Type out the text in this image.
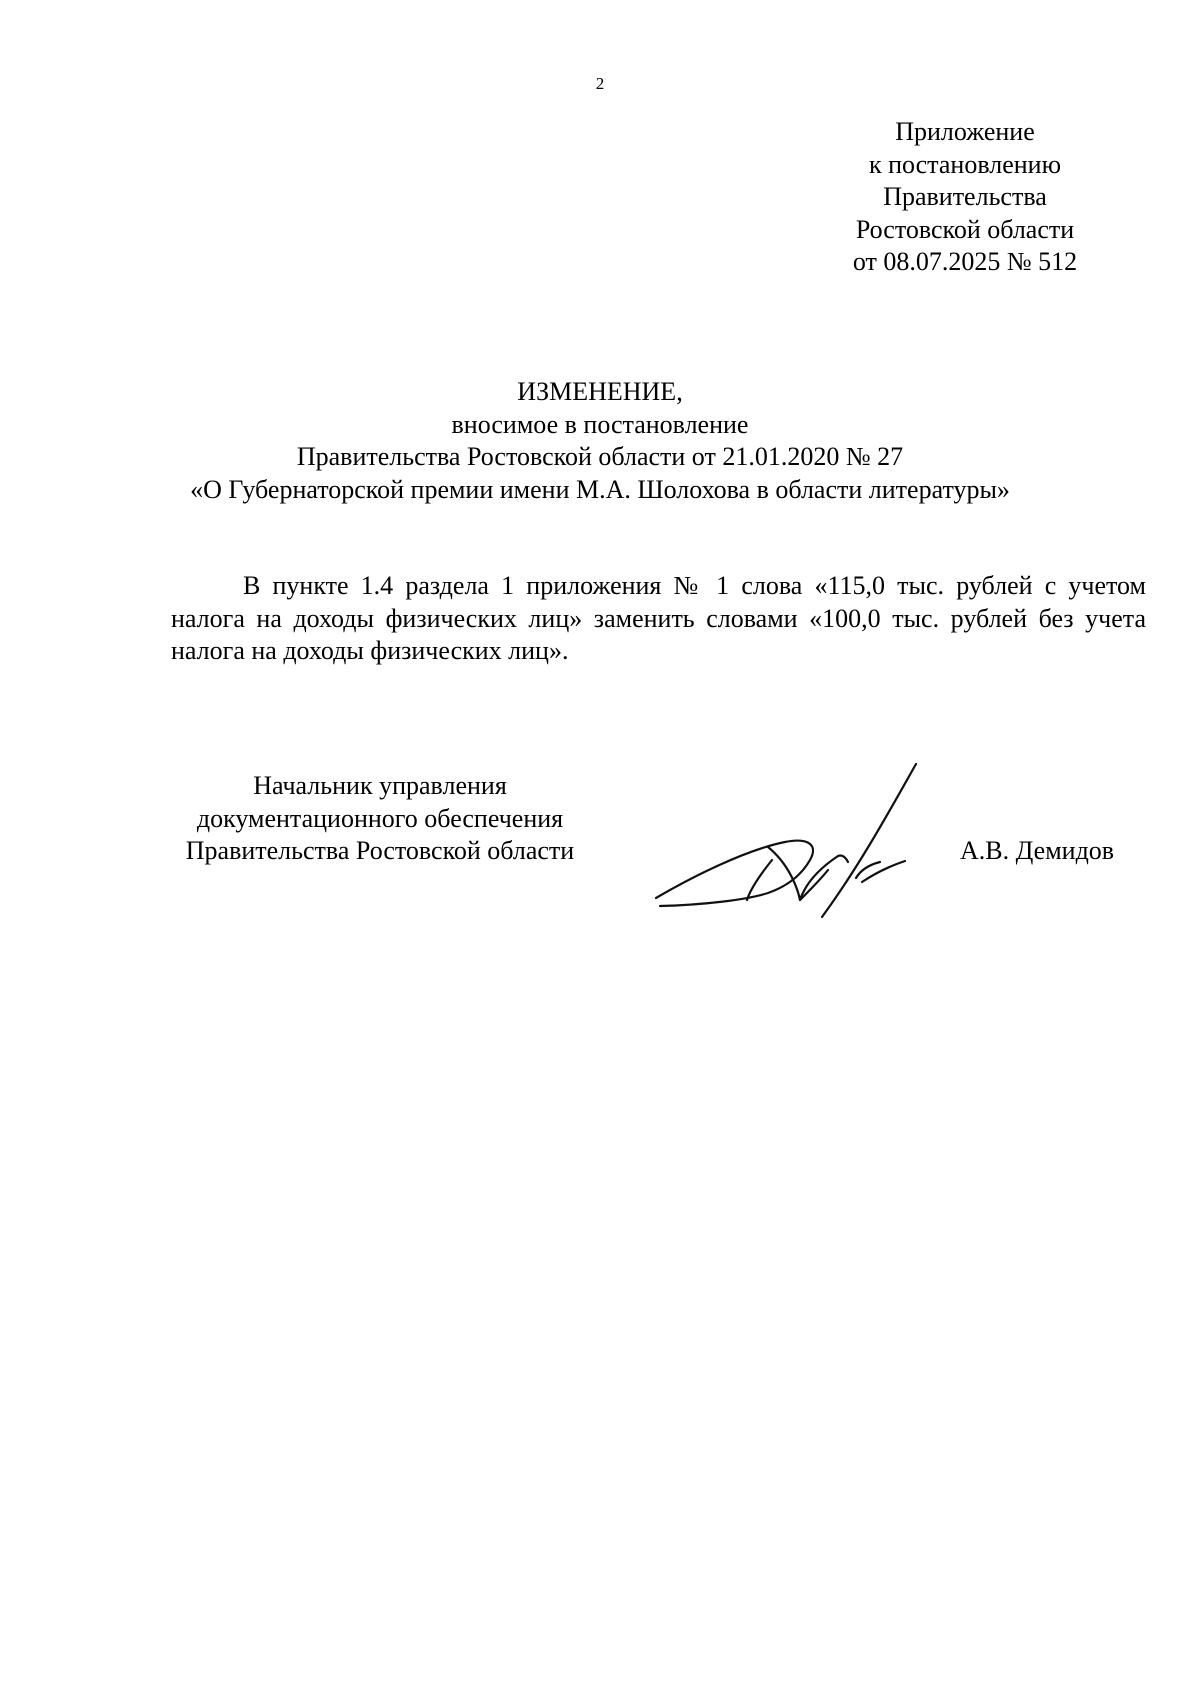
2
Приложение
к постановлению
Правительства
Ростовской области
от 08.07.2025 № 512
ИЗМЕНЕНИЕ,
вносимое в постановление
Правительства Ростовской области от 21.01.2020 № 27
«О Губернаторской премии имени М.А. Шолохова в области литературы»

В пункте 1.4 раздела 1 приложения № 1 слова «115,0 тыс. рублей с учетом налога на доходы физических лиц» заменить словами «100,0 тыс. рублей без учета налога на доходы физических лиц».

Начальник управления
документационного обеспечения
Правительства Ростовской области	А.В. Демидов
